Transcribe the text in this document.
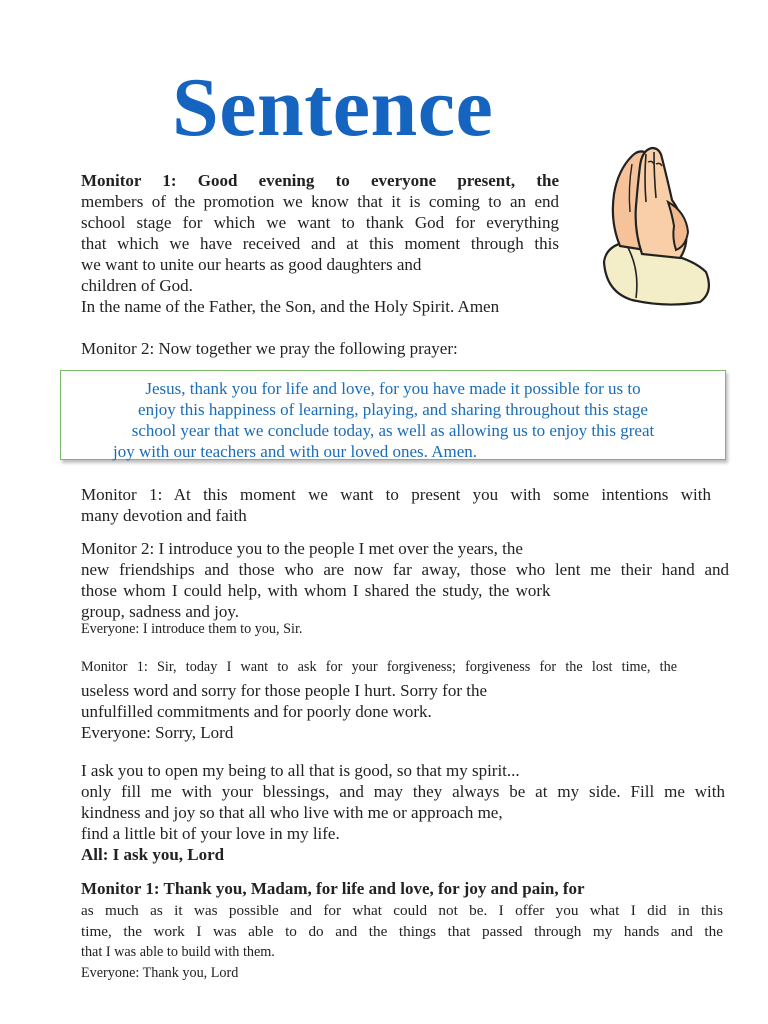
Sentence
Monitor 1: Good evening to everyone present, the
members of the promotion we know that it is coming to an end
school stage for which we want to thank God for everything
that which we have received and at this moment through this
we want to unite our hearts as good daughters and
children of God.
In the name of the Father, the Son, and the Holy Spirit. Amen
Monitor 2: Now together we pray the following prayer:
Jesus, thank you for life and love, for you have made it possible for us to
enjoy this happiness of learning, playing, and sharing throughout this stage
school year that we conclude today, as well as allowing us to enjoy this great
joy with our teachers and with our loved ones. Amen.
Monitor 1: At this moment we want to present you with some intentions with
many devotion and faith
Monitor 2: I introduce you to the people I met over the years, the
new friendships and those who are now far away, those who lent me their hand and
those whom I could help, with whom I shared the study, the work
group, sadness and joy.
Everyone: I introduce them to you, Sir.
Monitor 1: Sir, today I want to ask for your forgiveness; forgiveness for the lost time, the
useless word and sorry for those people I hurt. Sorry for the
unfulfilled commitments and for poorly done work.
Everyone: Sorry, Lord
I ask you to open my being to all that is good, so that my spirit...
only fill me with your blessings, and may they always be at my side. Fill me with
kindness and joy so that all who live with me or approach me,
find a little bit of your love in my life.
All: I ask you, Lord
Monitor 1: Thank you, Madam, for life and love, for joy and pain, for
as much as it was possible and for what could not be. I offer you what I did in this
time, the work I was able to do and the things that passed through my hands and the
that I was able to build with them.
Everyone: Thank you, Lord
